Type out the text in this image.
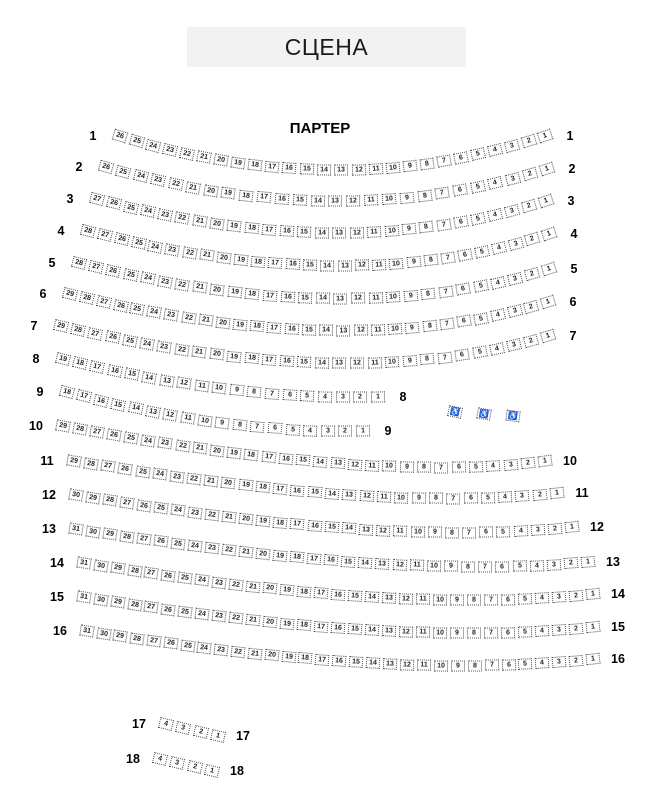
СЦЕНА
ПАРТЕР
26
25
24	23	22	21	20	19	18	17	16	15	14	13	12	11	10	9	8	7	6	5
4
3
2
1
1	1
26
25
24	23	22	21	20	19	18	17	16	15	14	13	12	11	10	9	8	7	6	5	4
3
2
1
2	2
27
26	25	24	23	22	21	20	19	18	17	16	15	14	13	12	11	10	9	8	7	6	5	4
3
2
1
3	3
28	27	26	25	24	23	22	21	20	19	18	17	16	15	14	13	12	11	10	9	8	7	6	5	4
3
2
1
4	4
28	27	26	25	24	23	22	21	20	19	18	17	16	15	14	13	12	11	10	9	8	7	6	5	4
3
2
1
5	5
29	28	27	26	25	24	23	22	21	20	19	18	17	16	15	14	13	12	11	10	9	8	7	6	5	4
3
2
1
6
6
29	28	27	26	25	24	23	22	21	20	19	18	17	16	15	14	13	12	11	10	9	8	7	6	5	4	3
2
1
7
7
19	18	17	16	15	14	13	12	11	10	9	8	7	6	5	4	3	2	1
8
8
18
17	16	15	14	13	12	11	10	9	8	7	6	5	4	3	2	1
9
9
29	28	27	26	25	24	23	22	21	20	19	18	17	16	15	14	13	12	11	10	9	8	7	6	5	4	3	2	1
10
10
29	28	27	26	25	24	23	22	21	20	19	18	17	16	15	14	13	12	11	10	9	8	7	6	5	4	3	2	1
11
11
30	29	28	27	26	25	24	23	22	21	20	19	18	17	16	15	14	13	12	11	10	9	8	7	6	5	4	3	2	1
12
12
31	30	29	28	27	26	25	24	23	22	21	20	19	18	17	16	15	14	13	12	11	10	9	8	7	6	5	4	3	2	1
13
13
31	30	29	28	27	26	25	24	23	22	21	20	19	18	17	16	15	14	13	12	11	10	9	8	7	6	5	4	3	2	1
14
14
31	30	29	28	27	26	25	24	23	22	21	20	19	18	17	16	15	14	13	12	11	10	9	8	7	6	5	4	3	2	1
15
15
31	30	29	28	27	26	25	24	23	22	21	20	19	18	17	16	15	14	13	12	11	10	9	8	7	6	5	4	3	2	1
16
16
4
3
2
1
17
17
4
3
2
1
18
18
♿ ♿ ♿
